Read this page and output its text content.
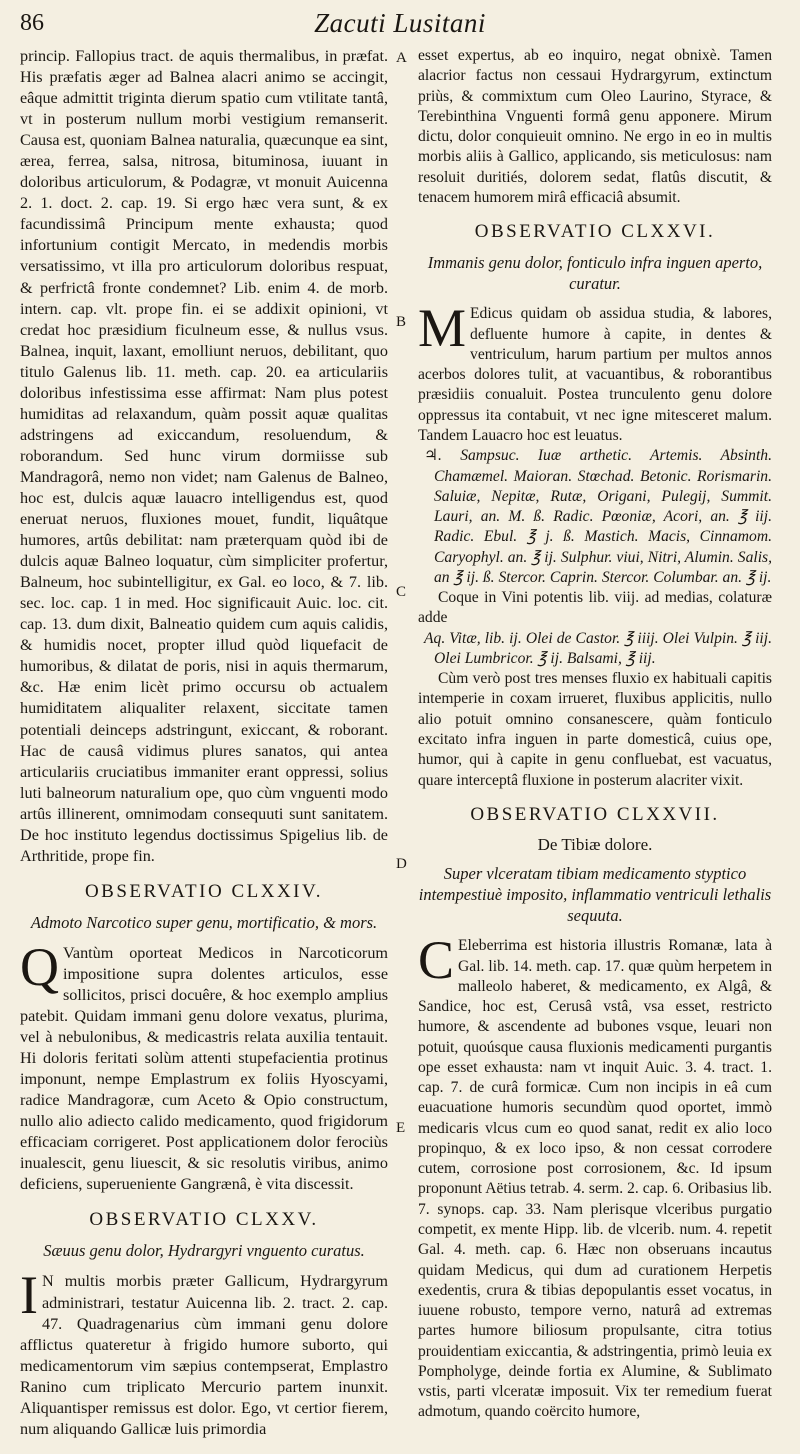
86	Zacuti Lusitani
A
B
C
D
E

princip. Fallopius tract. de aquis thermalibus, in præfat. His præfatis æger ad Balnea alacri animo se accingit, eâque admittit triginta dierum spatio cum vtilitate tantâ, vt in posterum nullum morbi vestigium remanserit. Causa est, quoniam Balnea naturalia, quæcunque ea sint, ærea, ferrea, salsa, nitrosa, bituminosa, iuuant in doloribus articulorum, & Podagræ, vt monuit Auicenna 2. 1. doct. 2. cap. 19. Si ergo hæc vera sunt, & ex facundissimâ Principum mente exhausta; quod infortunium contigit Mercato, in medendis morbis versatissimo, vt illa pro articulorum doloribus respuat, & perfrictâ fronte condemnet? Lib. enim 4. de morb. intern. cap. vlt. prope fin. ei se addixit opinioni, vt credat hoc præsidium ficulneum esse, & nullus vsus. Balnea, inquit, laxant, emolliunt neruos, debilitant, quo titulo Galenus lib. 11. meth. cap. 20. ea articulariis doloribus infestissima esse affirmat: Nam plus potest humiditas ad relaxandum, quàm possit aquæ qualitas adstringens ad exiccandum, resoluendum, & roborandum. Sed hunc virum dormiisse sub Mandragorâ, nemo non videt; nam Galenus de Balneo, hoc est, dulcis aquæ lauacro intelligendus est, quod eneruat neruos, fluxiones mouet, fundit, liquâtque humores, artûs debilitat: nam præterquam quòd ibi de dulcis aquæ Balneo loquatur, cùm simpliciter profertur, Balneum, hoc subintelligitur, ex Gal. eo loco, & 7. lib. sec. loc. cap. 1 in med. Hoc significauit Auic. loc. cit. cap. 13. dum dixit, Balneatio quidem cum aquis calidis, & humidis nocet, propter illud quòd liquefacit de humoribus, & dilatat de poris, nisi in aquis thermarum, &c. Hæ enim licèt primo occursu ob actualem humiditatem aliqualiter relaxent, siccitate tamen potentiali deinceps adstringunt, exiccant, & roborant. Hac de causâ vidimus plures sanatos, qui antea articulariis cruciatibus immaniter erant oppressi, solius luti balneorum naturalium ope, quo cùm vnguenti modo artûs illinerent, omnimodam consequuti sunt sanitatem. De hoc instituto legendus doctissimus Spigelius lib. de Arthritide, prope fin.

OBSERVATIO CLXXIV.
Admoto Narcotico super genu, mortificatio, & mors.

Q Vantùm oporteat Medicos in Narcoticorum impositione supra dolentes articulos, esse sollicitos, prisci docuêre, & hoc exemplo amplius patebit. Quidam immani genu dolore vexatus, plurima, vel à nebulonibus, & medicastris relata auxilia tentauit. Hi doloris feritati solùm attenti stupefacientia protinus imponunt, nempe Emplastrum ex foliis Hyoscyami, radice Mandragoræ, cum Aceto & Opio constructum, nullo alio adiecto calido medicamento, quod frigidorum efficaciam corrigeret. Post applicationem dolor ferociùs inualescit, genu liuescit, & sic resolutis viribus, animo deficiens, superueniente Gangrænâ, è vita discessit.

OBSERVATIO CLXXV.
Sæuus genu dolor, Hydrargyri vnguento curatus.

I N multis morbis præter Gallicum, Hydrargyrum administrari, testatur Auicenna lib. 2. tract. 2. cap. 47. Quadragenarius cùm immani genu dolore afflictus quateretur à frigido humore suborto, qui medicamentorum vim sæpius contempserat, Emplastro Ranino cum triplicato Mercurio partem inunxit. Aliquantisper remissus est dolor. Ego, vt certior fierem, num aliquando Gallicæ luis primordia

esset expertus, ab eo inquiro, negat obnixè. Tamen alacrior factus non cessaui Hydrargyrum, extinctum priùs, & commixtum cum Oleo Laurino, Styrace, & Terebinthina Vnguenti formâ genu apponere. Mirum dictu, dolor conquieuit omnino. Ne ergo in eo in multis morbis aliis à Gallico, applicando, sis meticulosus: nam resoluit duritiés, dolorem sedat, flatûs discutit, & tenacem humorem mirâ efficaciâ absumit.

OBSERVATIO CLXXVI.
Immanis genu dolor, fonticulo infra inguen aperto, curatur.

M Edicus quidam ob assidua studia, & labores, defluente humore à capite, in dentes & ventriculum, harum partium per multos annos acerbos dolores tulit, at vacuantibus, & roborantibus præsidiis conualuit. Postea trunculento genu dolore oppressus ita contabuit, vt nec igne mitesceret malum. Tandem Lauacro hoc est leuatus.

♃. Sampsuc. Iuæ arthetic. Artemis. Absinth. Chamæmel. Maioran. Stœchad. Betonic. Rorismarin. Saluiæ, Nepitæ, Rutæ, Origani, Pulegij, Summit. Lauri, an. M. ß. Radic. Pœoniæ, Acori, an. ℥ iij. Radic. Ebul. ℥ j. ß. Mastich. Macis, Cinnamom. Caryophyl. an. ℥ ij. Sulphur. viui, Nitri, Alumin. Salis, an ℥ ij. ß. Stercor. Caprin. Stercor. Columbar. an. ℥ ij.

Coque in Vini potentis lib. viij. ad medias, colaturæ adde

Aq. Vitæ, lib. ij. Olei de Castor. ℥ iiij. Olei Vulpin. ℥ iij. Olei Lumbricor. ℥ ij. Balsami, ℥ iij.

Cùm verò post tres menses fluxio ex habituali capitis intemperie in coxam irrueret, fluxibus applicitis, nullo alio potuit omnino consanescere, quàm fonticulo excitato infra inguen in parte domesticâ, cuius ope, humor, qui à capite in genu confluebat, est vacuatus, quare interceptâ fluxione in posterum alacriter vixit.

OBSERVATIO CLXXVII.
De Tibiæ dolore.
Super vlceratam tibiam medicamento styptico intempestiuè imposito, inflammatio ventriculi lethalis sequuta.

C Eleberrima est historia illustris Romanæ, lata à Gal. lib. 14. meth. cap. 17. quæ quùm herpetem in malleolo haberet, & medicamento, ex Algâ, & Sandice, hoc est, Cerusâ vstâ, vsa esset, restricto humore, & ascendente ad bubones vsque, leuari non potuit, quoúsque causa fluxionis medicamenti purgantis ope esset exhausta: nam vt inquit Auic. 3. 4. tract. 1. cap. 7. de curâ formicæ. Cum non incipis in eâ cum euacuatione humoris secundùm quod oportet, immò medicaris vlcus cum eo quod sanat, redit ex alio loco propinquo, & ex loco ipso, & non cessat corrodere cutem, corrosione post corrosionem, &c. Id ipsum proponunt Aëtius tetrab. 4. serm. 2. cap. 6. Oribasius lib. 7. synops. cap. 33. Nam plerisque vlceribus purgatio competit, ex mente Hipp. lib. de vlcerib. num. 4. repetit Gal. 4. meth. cap. 6. Hæc non obseruans incautus quidam Medicus, qui dum ad curationem Herpetis exedentis, crura & tibias depopulantis esset vocatus, in iuuene robusto, tempore verno, naturâ ad extremas partes humore biliosum propulsante, citra totius prouidentiam exiccantia, & adstringentia, primò leuia ex Pompholyge, deinde fortia ex Alumine, & Sublimato vstis, parti vlceratæ imposuit. Vix ter remedium fuerat admotum, quando coërcito humore,
